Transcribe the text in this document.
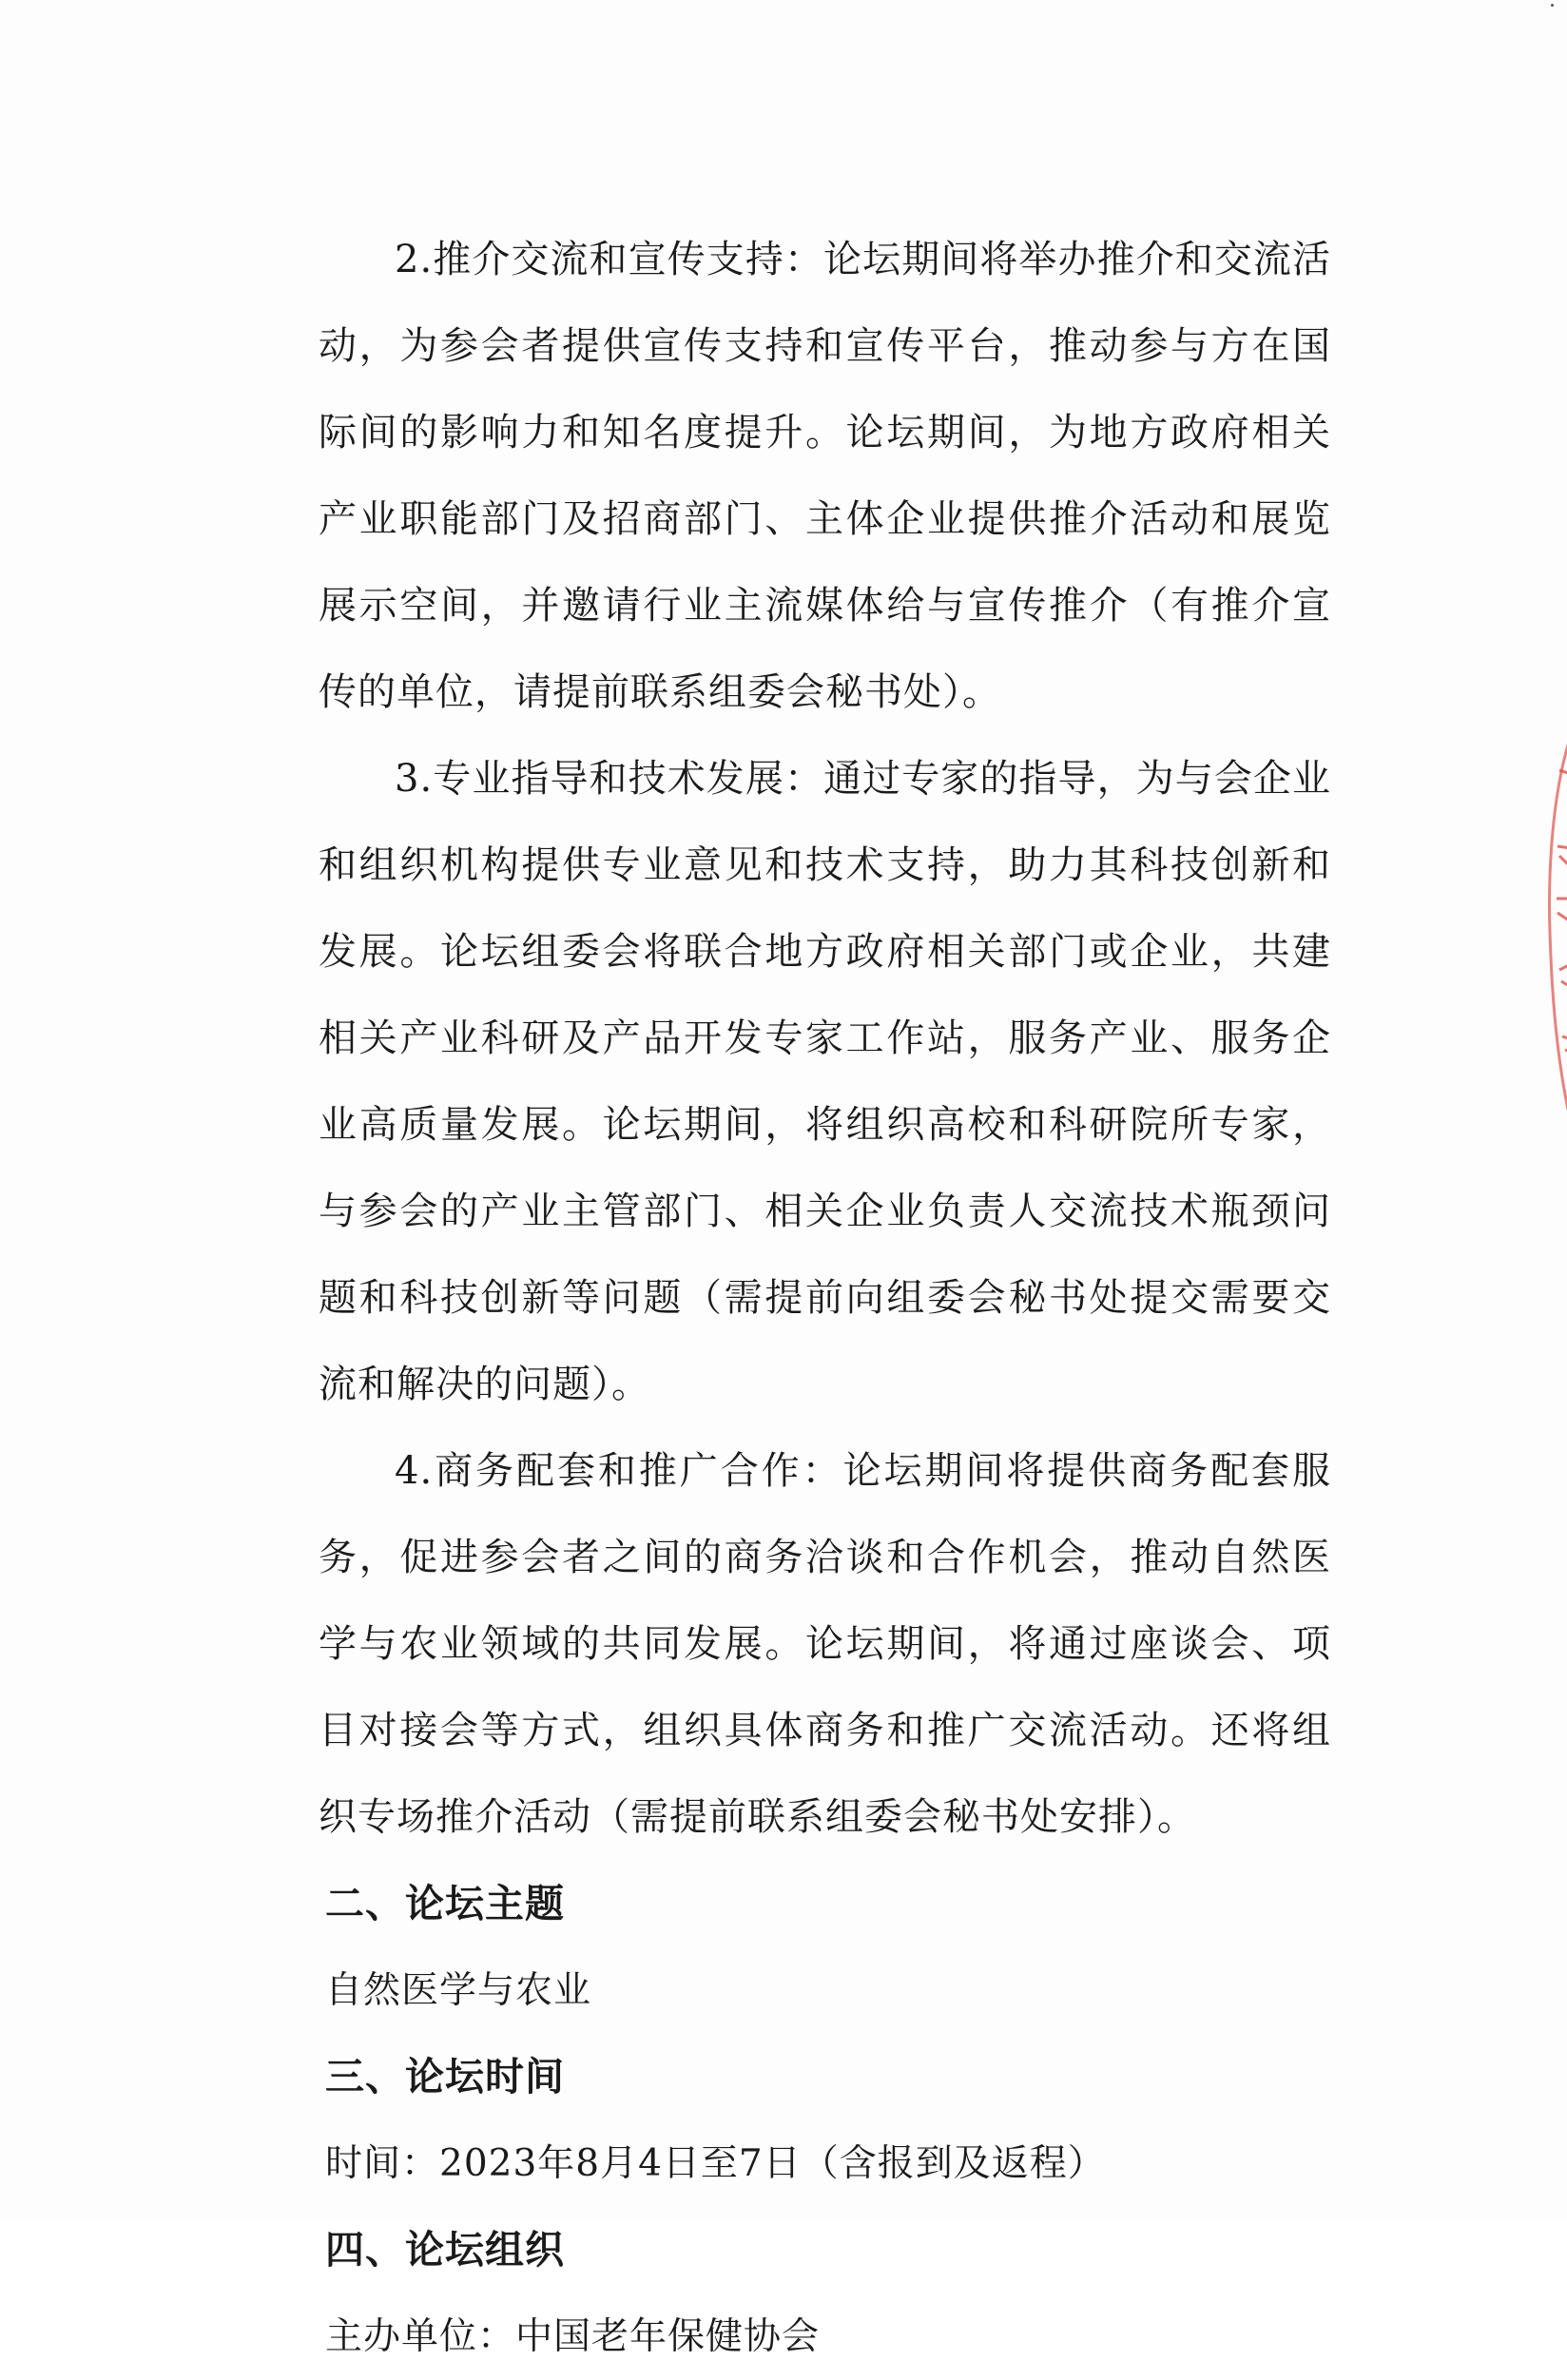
2.推介交流和宣传支持：论坛期间将举办推介和交流活动，为参会者提供宣传支持和宣传平台，推动参与方在国际间的影响力和知名度提升。论坛期间，为地方政府相关产业职能部门及招商部门、主体企业提供推介活动和展览展示空间，并邀请行业主流媒体给与宣传推介（有推介宣传的单位，请提前联系组委会秘书处）。

3.专业指导和技术发展：通过专家的指导，为与会企业和组织机构提供专业意见和技术支持，助力其科技创新和发展。论坛组委会将联合地方政府相关部门或企业，共建相关产业科研及产品开发专家工作站，服务产业、服务企业高质量发展。论坛期间，将组织高校和科研院所专家，与参会的产业主管部门、相关企业负责人交流技术瓶颈问题和科技创新等问题（需提前向组委会秘书处提交需要交流和解决的问题）。

4.商务配套和推广合作：论坛期间将提供商务配套服务，促进参会者之间的商务洽谈和合作机会，推动自然医学与农业领域的共同发展。论坛期间，将通过座谈会、项目对接会等方式，组织具体商务和推广交流活动。还将组织专场推介活动（需提前联系组委会秘书处安排）。

二、论坛主题

自然医学与农业

三、论坛时间

时间：2023年8月4日至7日（含报到及返程）

四、论坛组织

主办单位：中国老年保健协会
